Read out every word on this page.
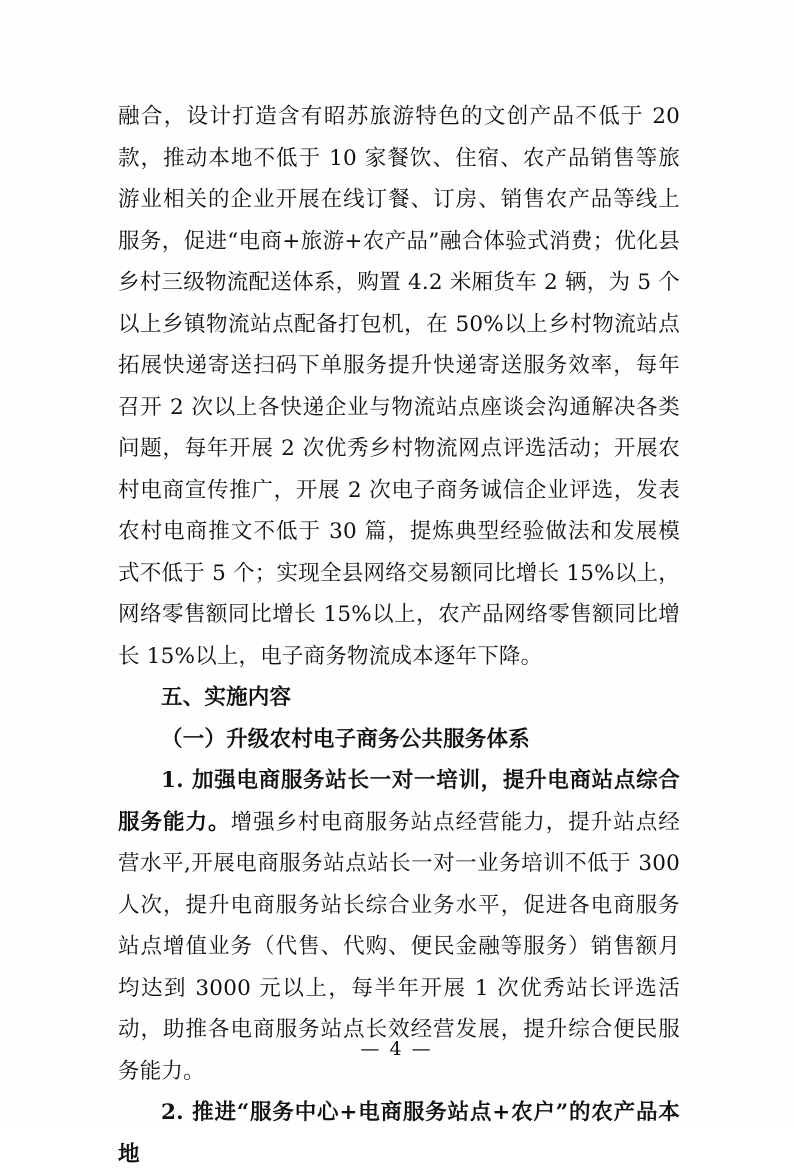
融合，设计打造含有昭苏旅游特色的文创产品不低于 20 款，推动本地不低于 10 家餐饮、住宿、农产品销售等旅游业相关的企业开展在线订餐、订房、销售农产品等线上服务，促进“电商+旅游+农产品”融合体验式消费；优化县乡村三级物流配送体系，购置 4.2 米厢货车 2 辆，为 5 个以上乡镇物流站点配备打包机，在 50%以上乡村物流站点拓展快递寄送扫码下单服务提升快递寄送服务效率，每年召开 2 次以上各快递企业与物流站点座谈会沟通解决各类问题，每年开展 2 次优秀乡村物流网点评选活动；开展农村电商宣传推广，开展 2 次电子商务诚信企业评选，发表农村电商推文不低于 30 篇，提炼典型经验做法和发展模式不低于 5 个；实现全县网络交易额同比增长 15%以上，网络零售额同比增长 15%以上，农产品网络零售额同比增长 15%以上，电子商务物流成本逐年下降。

五、实施内容

（一）升级农村电子商务公共服务体系

1. 加强电商服务站长一对一培训，提升电商站点综合服务能力。增强乡村电商服务站点经营能力，提升站点经营水平,开展电商服务站点站长一对一业务培训不低于 300 人次，提升电商服务站长综合业务水平，促进各电商服务站点增值业务（代售、代购、便民金融等服务）销售额月均达到 3000 元以上，每半年开展 1 次优秀站长评选活动，助推各电商服务站点长效经营发展，提升综合便民服务能力。

2. 推进“服务中心+电商服务站点+农户”的农产品本地

— 4 —
